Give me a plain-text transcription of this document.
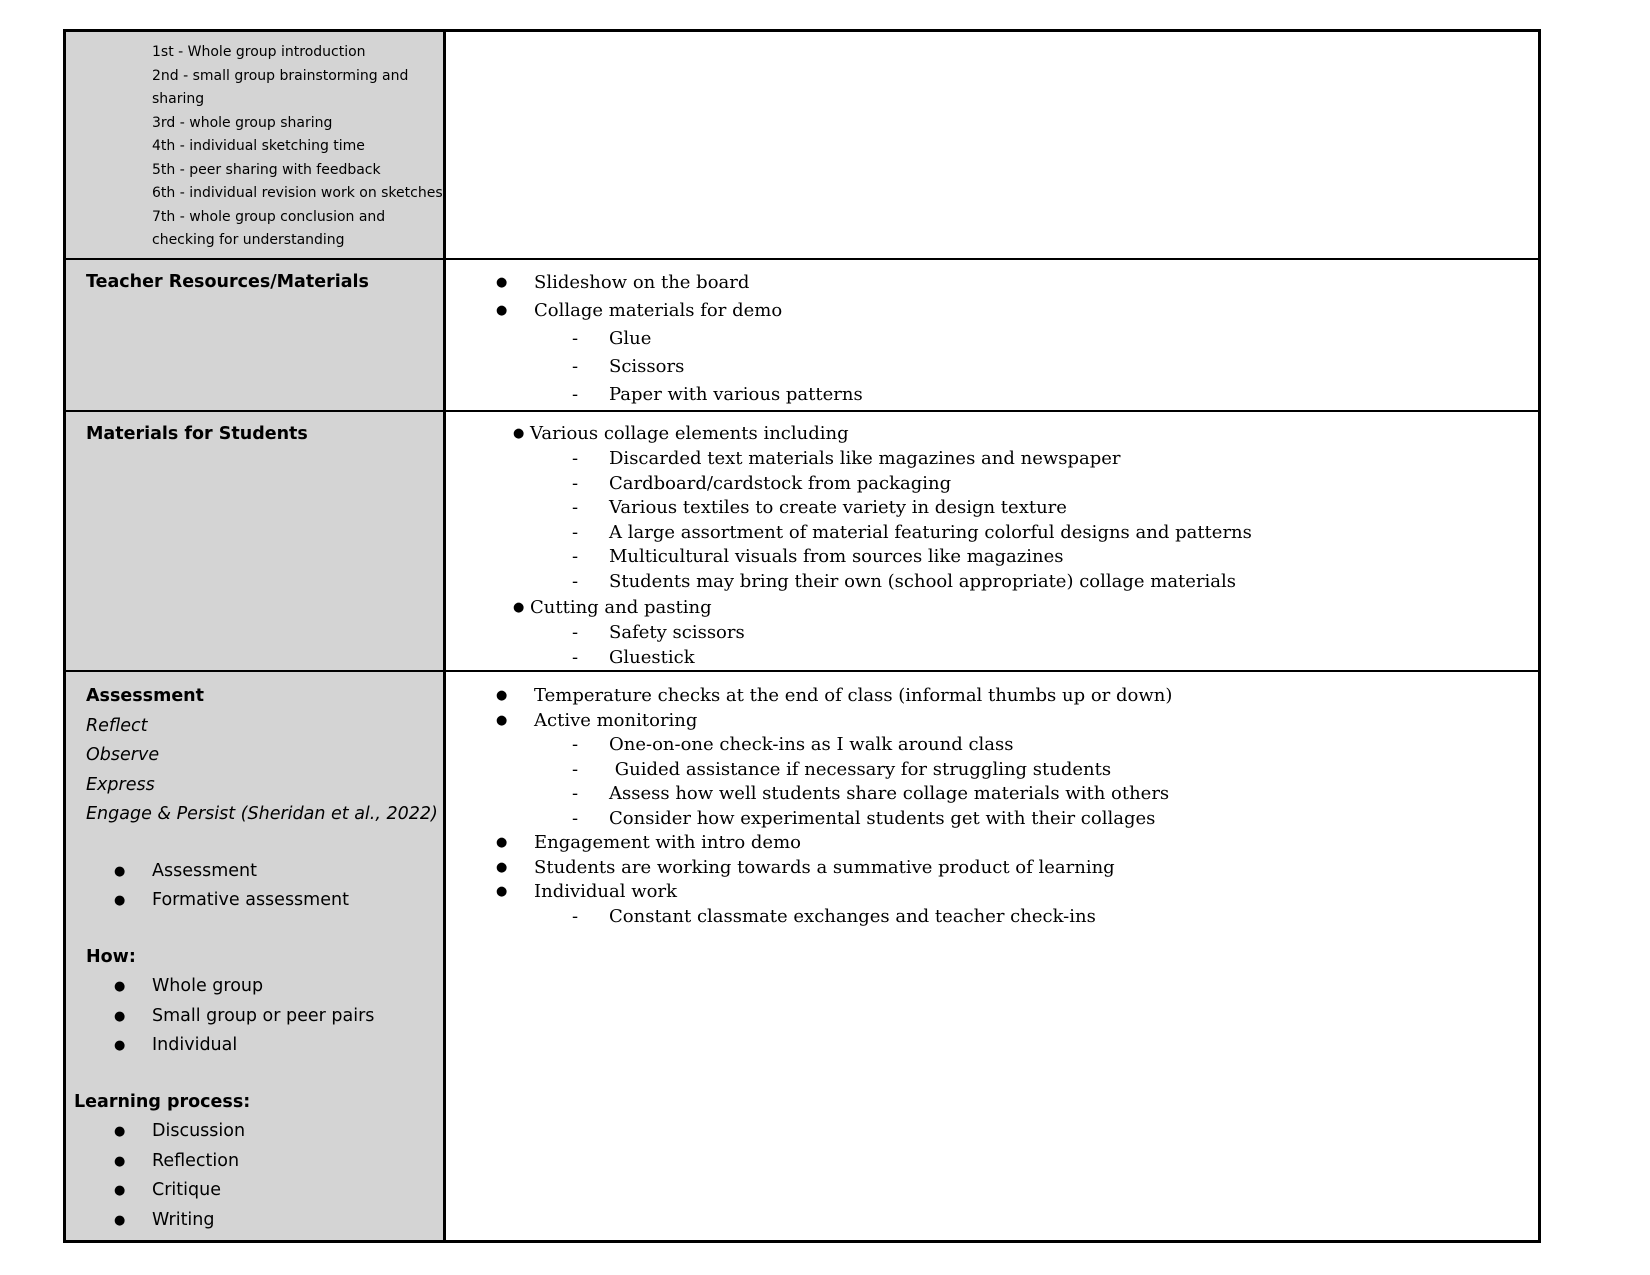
1st - Whole group introduction
2nd - small group brainstorming and
sharing
3rd - whole group sharing
4th - individual sketching time
5th - peer sharing with feedback
6th - individual revision work on sketches
7th - whole group conclusion and
checking for understanding
Teacher Resources/Materials	● Slideshow on the board
● Collage materials for demo
- Glue
- Scissors
- Paper with various patterns
Materials for Students	● Various collage elements including
- Discarded text materials like magazines and newspaper
- Cardboard/cardstock from packaging
- Various textiles to create variety in design texture
- A large assortment of material featuring colorful designs and patterns
- Multicultural visuals from sources like magazines
- Students may bring their own (school appropriate) collage materials
● Cutting and pasting
- Safety scissors
- Gluestick
Assessment
Reflect
Observe
Express
Engage & Persist (Sheridan et al., 2022)
● Assessment
● Formative assessment
How:
● Whole group
● Small group or peer pairs
● Individual
Learning process:
● Discussion
● Reflection
● Critique
● Writing
● Temperature checks at the end of class (informal thumbs up or down)
● Active monitoring
- One-on-one check-ins as I walk around class
-  Guided assistance if necessary for struggling students
- Assess how well students share collage materials with others
- Consider how experimental students get with their collages
● Engagement with intro demo
● Students are working towards a summative product of learning
● Individual work
- Constant classmate exchanges and teacher check-ins
